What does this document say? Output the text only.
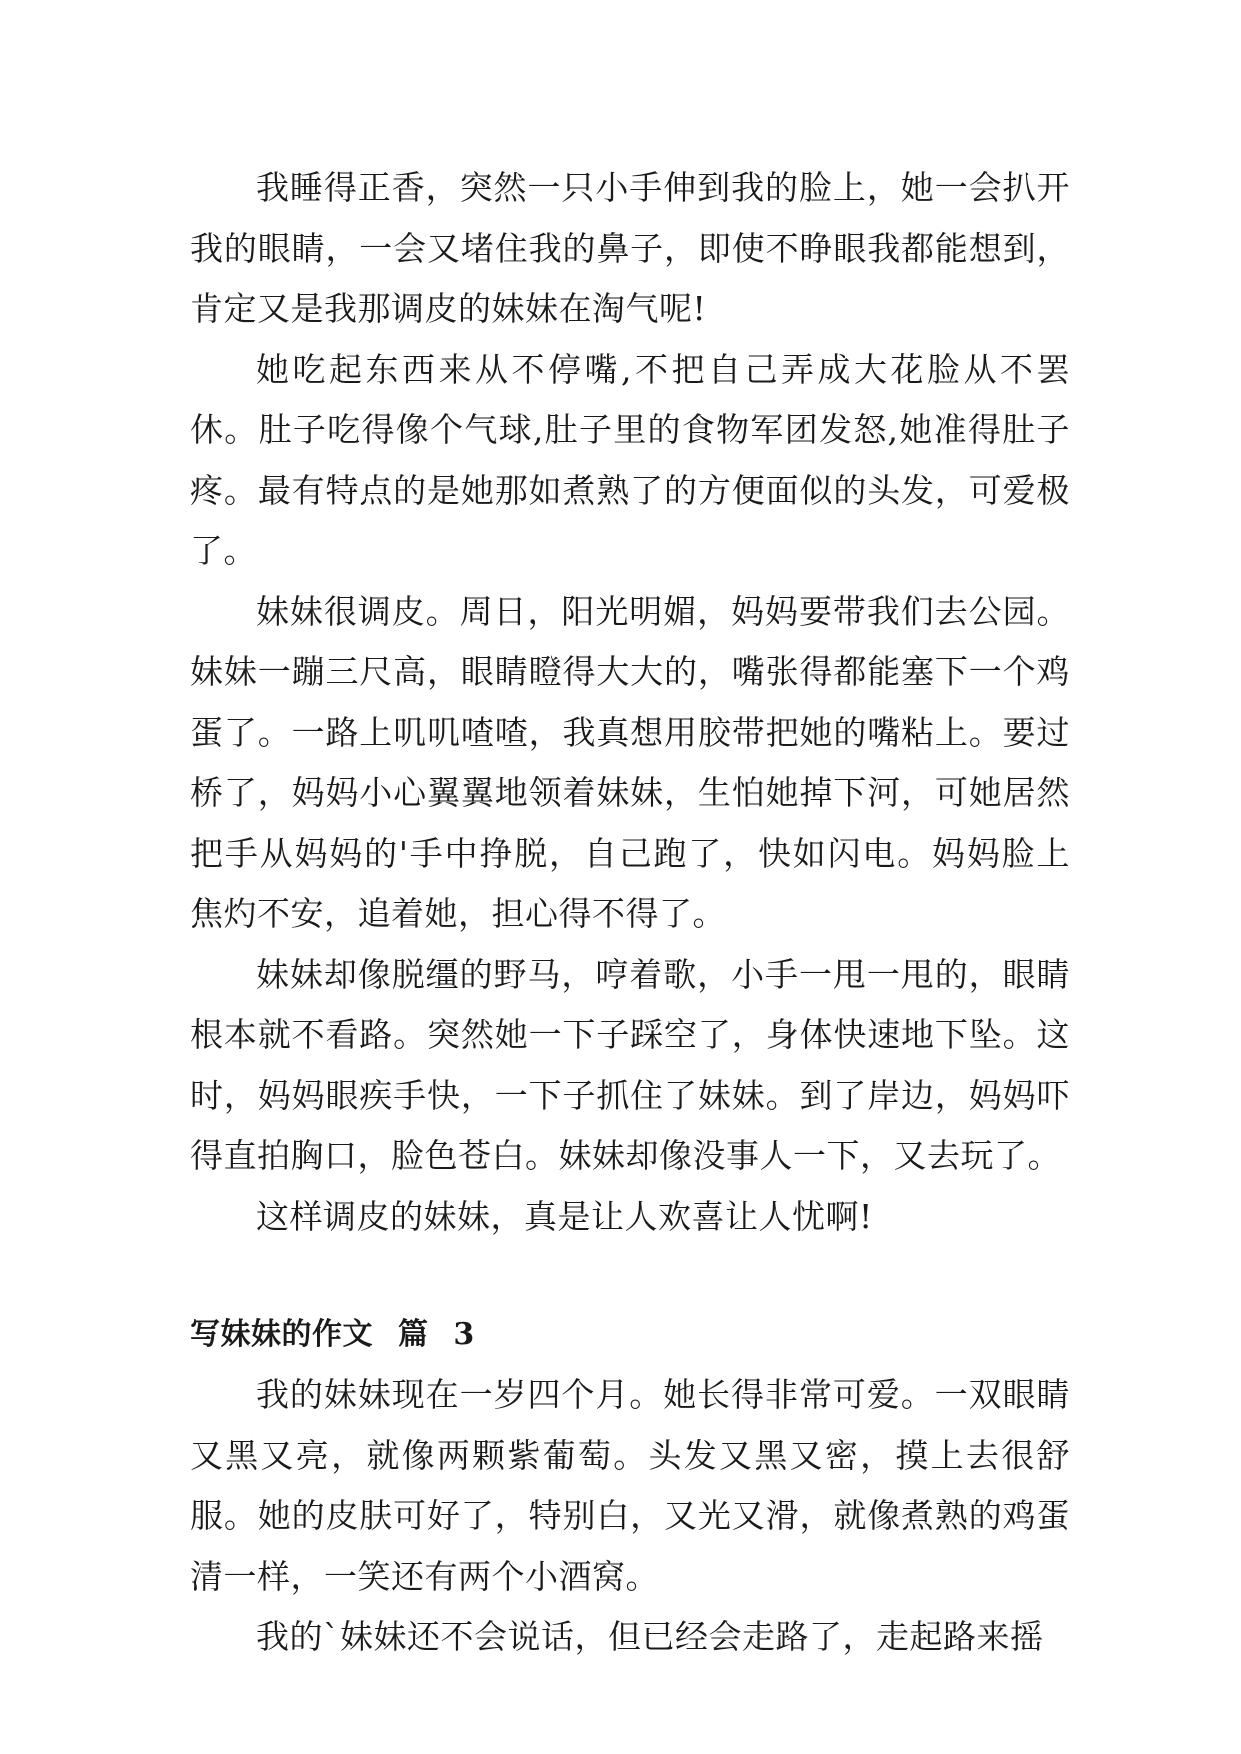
我睡得正香，突然一只小手伸到我的脸上，她一会扒开我的眼睛，一会又堵住我的鼻子，即使不睁眼我都能想到，肯定又是我那调皮的妹妹在淘气呢!

她吃起东西来从不停嘴,不把自己弄成大花脸从不罢休。肚子吃得像个气球,肚子里的食物军团发怒,她准得肚子疼。最有特点的是她那如煮熟了的方便面似的头发，可爱极了。

妹妹很调皮。周日，阳光明媚，妈妈要带我们去公园。妹妹一蹦三尺高，眼睛瞪得大大的，嘴张得都能塞下一个鸡蛋了。一路上叽叽喳喳，我真想用胶带把她的嘴粘上。要过桥了，妈妈小心翼翼地领着妹妹，生怕她掉下河，可她居然把手从妈妈的'手中挣脱，自己跑了，快如闪电。妈妈脸上焦灼不安，追着她，担心得不得了。

妹妹却像脱缰的野马，哼着歌，小手一甩一甩的，眼睛根本就不看路。突然她一下子踩空了，身体快速地下坠。这时，妈妈眼疾手快，一下子抓住了妹妹。到了岸边，妈妈吓得直拍胸口，脸色苍白。妹妹却像没事人一下，又去玩了。

这样调皮的妹妹，真是让人欢喜让人忧啊!

写妹妹的作文 篇 3

我的妹妹现在一岁四个月。她长得非常可爱。一双眼睛又黑又亮，就像两颗紫葡萄。头发又黑又密，摸上去很舒服。她的皮肤可好了，特别白，又光又滑，就像煮熟的鸡蛋清一样，一笑还有两个小酒窝。

我的`妹妹还不会说话，但已经会走路了，走起路来摇
